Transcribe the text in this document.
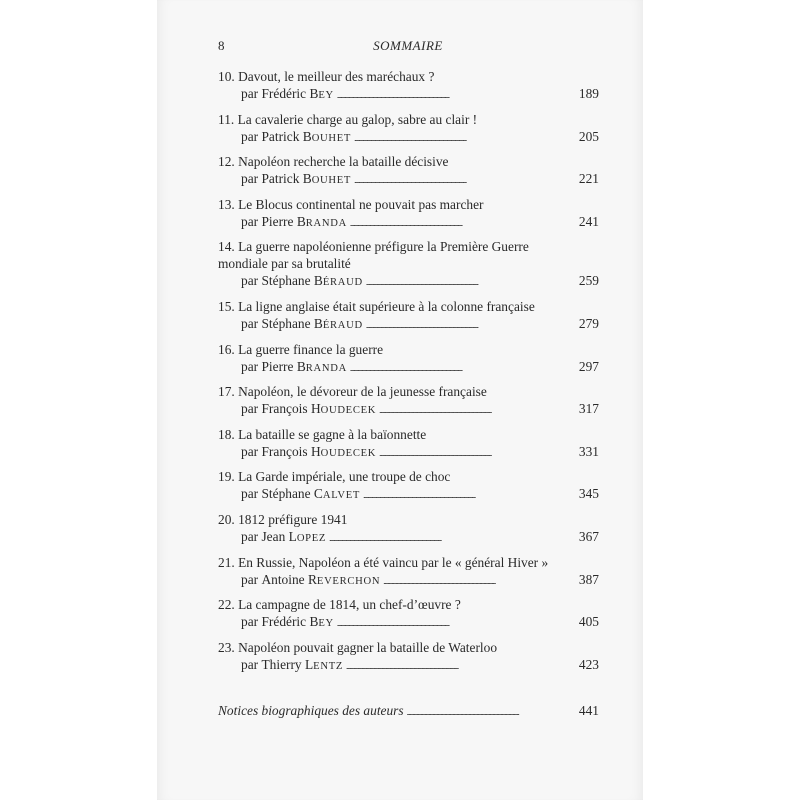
8	SOMMAIRE
10. Davout, le meilleur des maréchaux ?
par
Frédéric
BEY . . .	189
11. La cavalerie charge au galop, sabre au clair !
par
Patrick
BOUHET . . .	205
12. Napoléon recherche la bataille décisive
par
Patrick
BOUHET . . .	221
13. Le Blocus continental ne pouvait pas marcher
par
Pierre
BRANDA . . .	241
14. La guerre napoléonienne préfigure la Première Guerre
mondiale par sa brutalité
par
Stéphane
BÉRAUD . . .	259
15. La ligne anglaise était supérieure à la colonne française
par
Stéphane
BÉRAUD . . .	279
16. La guerre finance la guerre
par
Pierre
BRANDA . . .	297
17. Napoléon, le dévoreur de la jeunesse française
par
François
HOUDECEK . . .	317
18. La bataille se gagne à la baïonnette
par
François
HOUDECEK . . .	331
19. La Garde impériale, une troupe de choc
par
Stéphane
CALVET . . .	345
20. 1812 préfigure 1941
par
Jean
LOPEZ . . .	367
21. En Russie, Napoléon a été vaincu par le « général Hiver »
par
Antoine
REVERCHON . . .	387
22. La campagne de 1814, un chef-d’œuvre ?
par
Frédéric
BEY . . .	405
23. Napoléon pouvait gagner la bataille de Waterloo
par
Thierry
LENTZ . . .	423
Notices biographiques des auteurs . . .	441
